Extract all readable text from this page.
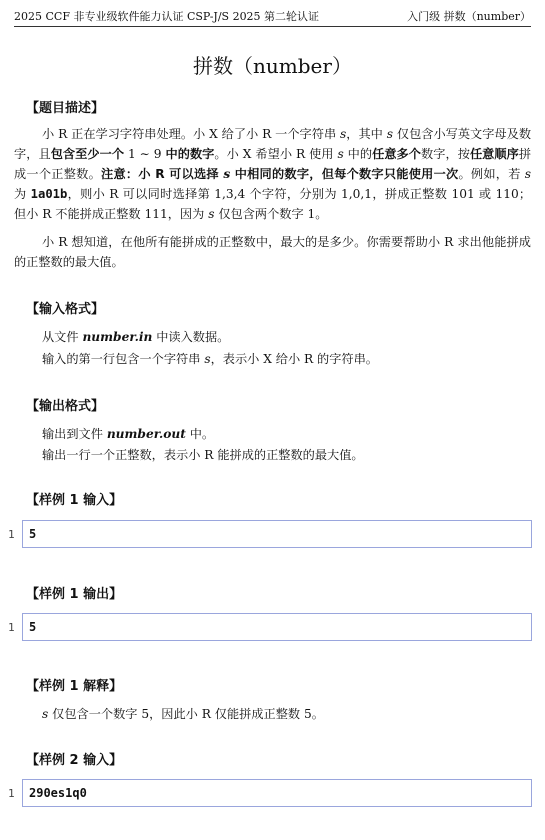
2025 CCF 非专业级软件能力认证 CSP-J/S 2025 第二轮认证	入门级 拼数（number）
拼数（number）
【题目描述】
小 R 正在学习字符串处理。小 X 给了小 R 一个字符串 s，其中 s 仅包含小写英文字母及数字，且包含至少一个 1 ∼ 9 中的数字。小 X 希望小 R 使用 s 中的任意多个数字，按任意顺序拼成一个正整数。注意：小 R 可以选择 s 中相同的数字，但每个数字只能使用一次。例如，若 s 为 1a01b，则小 R 可以同时选择第 1,3,4 个字符，分别为 1,0,1，拼成正整数 101 或 110；但小 R 不能拼成正整数 111，因为 s 仅包含两个数字 1。
小 R 想知道，在他所有能拼成的正整数中，最大的是多少。你需要帮助小 R 求出他能拼成的正整数的最大值。
【输入格式】
从文件 number.in 中读入数据。
输入的第一行包含一个字符串 s，表示小 X 给小 R 的字符串。
【输出格式】
输出到文件 number.out 中。
输出一行一个正整数，表示小 R 能拼成的正整数的最大值。
【样例 1 输入】
1	5
【样例 1 输出】
1	5
【样例 1 解释】
s 仅包含一个数字 5，因此小 R 仅能拼成正整数 5。
【样例 2 输入】
1	290es1q0
